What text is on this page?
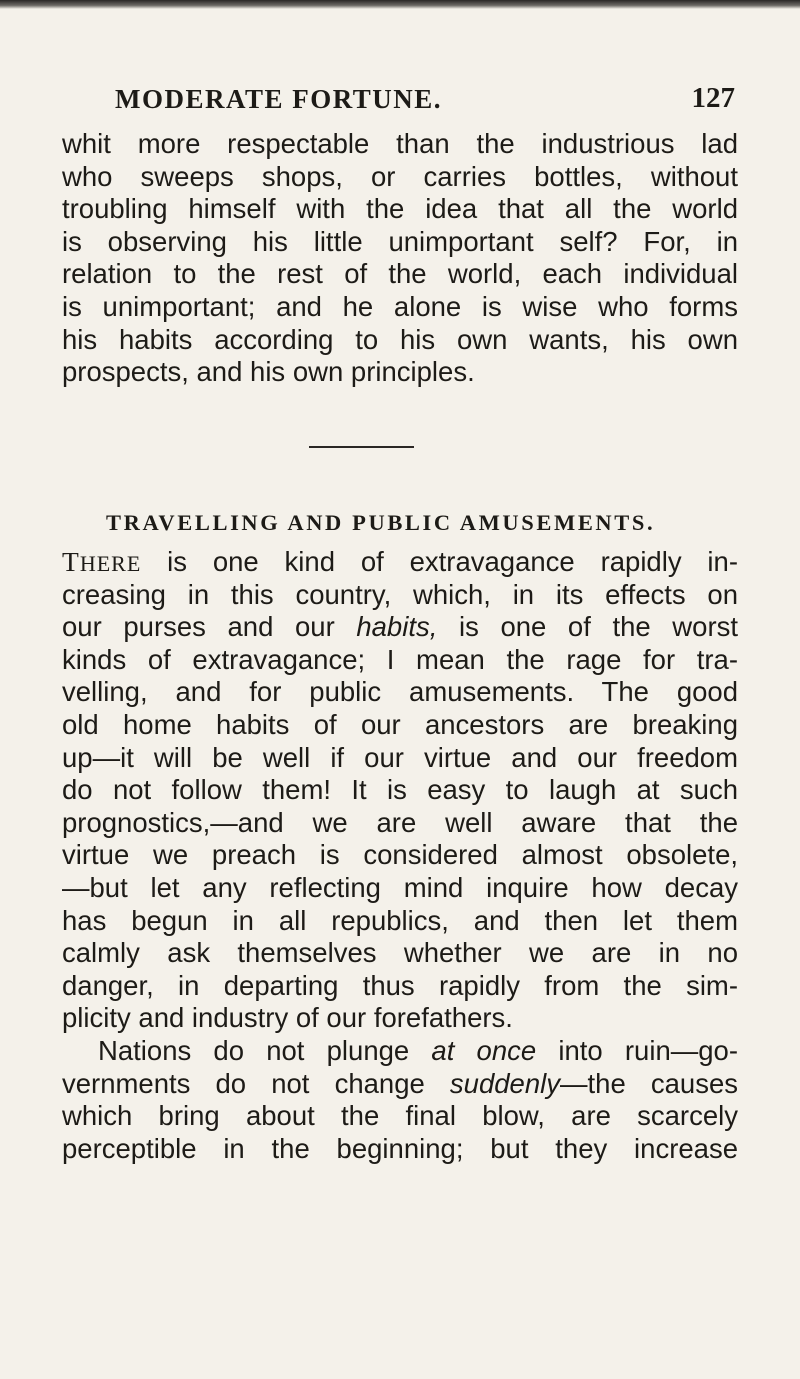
MODERATE FORTUNE.	127
whit more respectable than the industrious lad
who sweeps shops, or carries bottles, without
troubling himself with the idea that all the world
is observing his little unimportant self? For, in
relation to the rest of the world, each individual
is unimportant; and he alone is wise who forms
his habits according to his own wants, his own
prospects, and his own principles.
TRAVELLING AND PUBLIC AMUSEMENTS.
THERE is one kind of extravagance rapidly in-
creasing in this country, which, in its effects on
our purses and our habits, is one of the worst
kinds of extravagance; I mean the rage for tra-
velling, and for public amusements. The good
old home habits of our ancestors are breaking
up—it will be well if our virtue and our freedom
do not follow them! It is easy to laugh at such
prognostics,—and we are well aware that the
virtue we preach is considered almost obsolete,
—but let any reflecting mind inquire how decay
has begun in all republics, and then let them
calmly ask themselves whether we are in no
danger, in departing thus rapidly from the sim-
plicity and industry of our forefathers.
Nations do not plunge at once into ruin—go-
vernments do not change suddenly—the causes
which bring about the final blow, are scarcely
perceptible in the beginning; but they increase
